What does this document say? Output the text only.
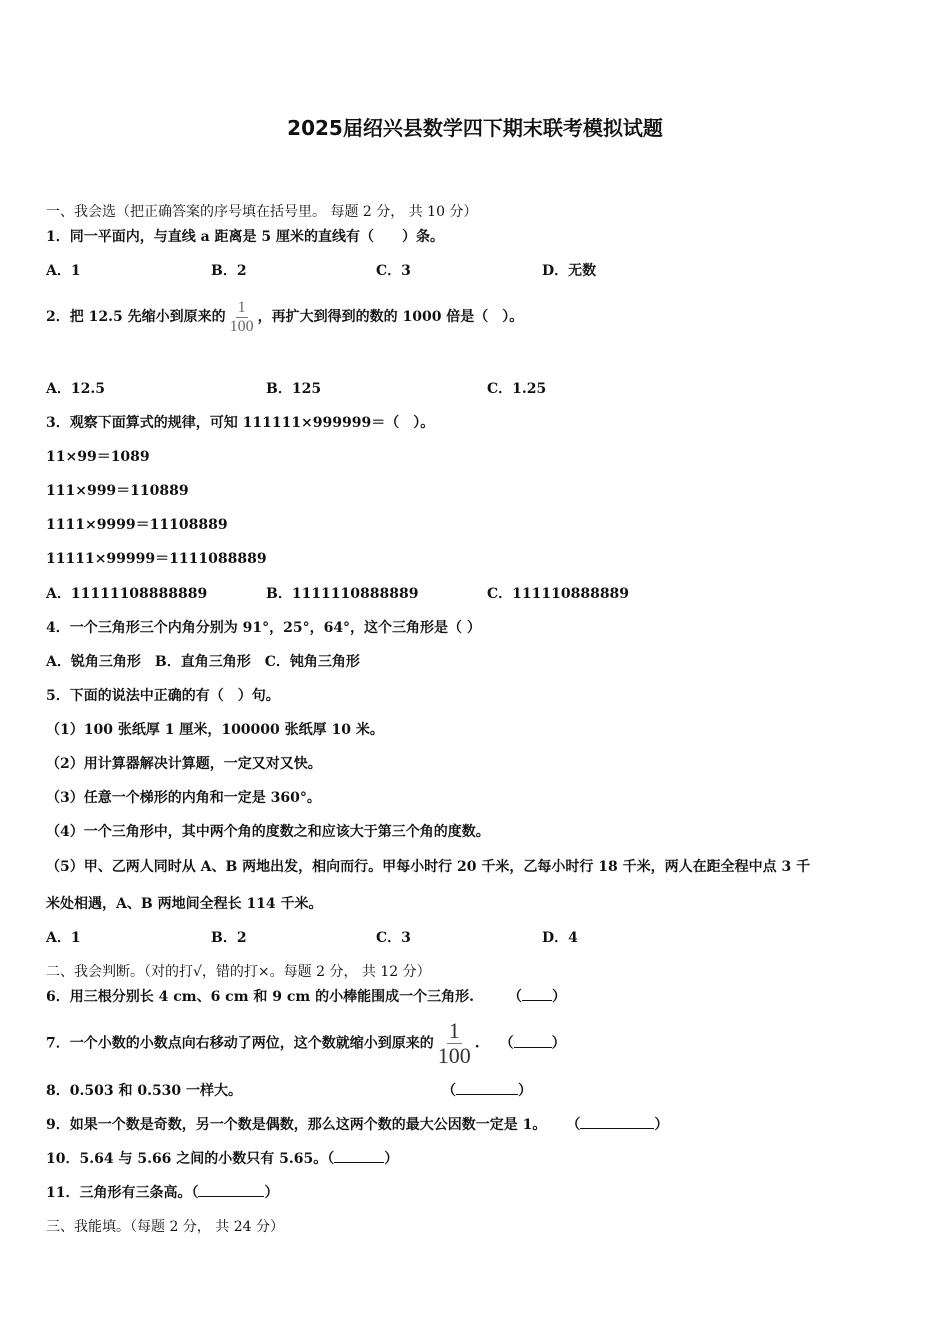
2025届绍兴县数学四下期末联考模拟试题
一、我会选（把正确答案的序号填在括号里。 每题 2 分， 共 10 分）
1．同一平面内，与直线 a 距离是 5 厘米的直线有（　　）条。
A．1	B．2	C．3	D．无数
2．把 12.5 先缩小到原来的 $\frac{1}{100}$ ，再扩大到得到的数的 1000 倍是（　）。
A．12.5	B．125	C．1.25
3．观察下面算式的规律，可知 111111×999999＝（　）。
11×99＝1089
111×999＝110889
1111×9999＝11108889
11111×99999＝1111088889
A．11111108888889	B．1111110888889	C．111110888889
4．一个三角形三个内角分别为 91°，25°，64°，这个三角形是（ ）
A．锐角三角形　B．直角三角形　C．钝角三角形
5．下面的说法中正确的有（　）句。
（1）100 张纸厚 1 厘米，100000 张纸厚 10 米。
（2）用计算器解决计算题，一定又对又快。
（3）任意一个梯形的内角和一定是 360°。
（4）一个三角形中，其中两个角的度数之和应该大于第三个角的度数。
（5）甲、乙两人同时从 A、B 两地出发，相向而行。甲每小时行 20 千米，乙每小时行 18 千米，两人在距全程中点 3 千
米处相遇，A、B 两地间全程长 114 千米。
A．1	B．2	C．3	D．4
二、我会判断。（对的打√，错的打×。每题 2 分， 共 12 分）
6．用三根分别长 4 cm、6 cm 和 9 cm 的小棒能围成一个三角形. （ ）
7．一个小数的小数点向右移动了两位，这个数就缩小到原来的 $\frac{1}{100}$ . （	）
8．0.503 和 0.530 一样大。	（	）
9．如果一个数是奇数，另一个数是偶数，那么这两个数的最大公因数一定是 1。 （	）
10．5.64 与 5.66 之间的小数只有 5.65。（	）
11．三角形有三条高。（	）
三、我能填。（每题 2 分， 共 24 分）
